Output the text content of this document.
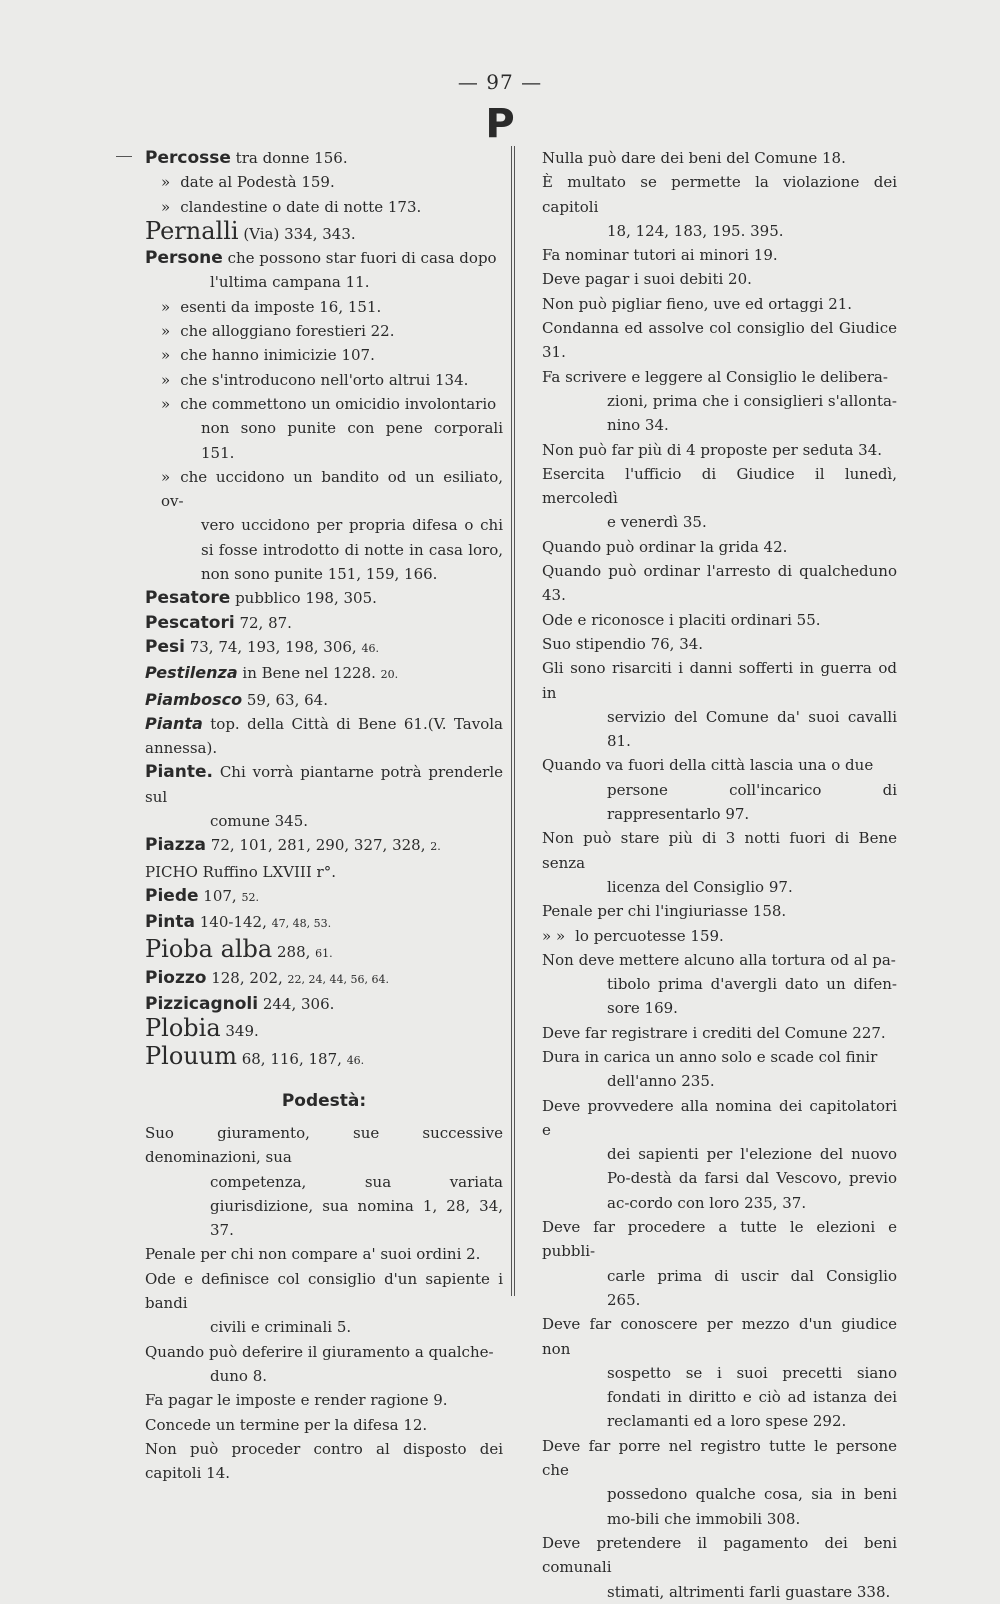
— 97 —
P
Percosse tra donne 156.
» date al Podestà 159.
» clandestine o date di notte 173.
Pernalli (Via) 334, 343.
Persone che possono star fuori di casa dopo
l'ultima campana 11.
» esenti da imposte 16, 151.
» che alloggiano forestieri 22.
» che hanno inimicizie 107.
» che s'introducono nell'orto altrui 134.
» che commettono un omicidio involontario
non sono punite con pene corporali 151.
» che uccidono un bandito od un esiliato, ov-
vero uccidono per propria difesa o chi si fosse introdotto di notte in casa loro, non sono punite 151, 159, 166.
Pesatore pubblico 198, 305.
Pescatori 72, 87.
Pesi 73, 74, 193, 198, 306, 46.
Pestilenza in Bene nel 1228. 20.
Piambosco 59, 63, 64.
Pianta top. della Città di Bene 61.(V. Tavola annessa).
Piante. Chi vorrà piantarne potrà prenderle sul
comune 345.
Piazza 72, 101, 281, 290, 327, 328, 2.
PICHO Ruffino LXVIII r°.
Piede 107, 52.
Pinta 140-142, 47, 48, 53.
Pioba alba 288, 61.
Piozzo 128, 202, 22, 24, 44, 56, 64.
Pizzicagnoli 244, 306.
Plobia 349.
Plouum 68, 116, 187, 46.
Podestà:
Suo giuramento, sue successive denominazioni, sua
competenza, sua variata giurisdizione, sua nomina 1, 28, 34, 37.
Penale per chi non compare a' suoi ordini 2.
Ode e definisce col consiglio d'un sapiente i bandi
civili e criminali 5.
Quando può deferire il giuramento a qualche-
duno 8.
Fa pagar le imposte e render ragione 9.
Concede un termine per la difesa 12.
Non può proceder contro al disposto dei capitoli 14.
Nulla può dare dei beni del Comune 18.
È multato se permette la violazione dei capitoli
18, 124, 183, 195. 395.
Fa nominar tutori ai minori 19.
Deve pagar i suoi debiti 20.
Non può pigliar fieno, uve ed ortaggi 21.
Condanna ed assolve col consiglio del Giudice 31.
Fa scrivere e leggere al Consiglio le delibera-
zioni, prima che i consiglieri s'allonta-nino 34.
Non può far più di 4 proposte per seduta 34.
Esercita l'ufficio di Giudice il lunedì, mercoledì
e venerdì 35.
Quando può ordinar la grida 42.
Quando può ordinar l'arresto di qualcheduno 43.
Ode e riconosce i placiti ordinari 55.
Suo stipendio 76, 34.
Gli sono risarciti i danni sofferti in guerra od in
servizio del Comune da' suoi cavalli 81.
Quando va fuori della città lascia una o due
persone coll'incarico di rappresentarlo 97.
Non può stare più di 3 notti fuori di Bene senza
licenza del Consiglio 97.
Penale per chi l'ingiuriasse 158.
» » lo percuotesse 159.
Non deve mettere alcuno alla tortura od al pa-
tibolo prima d'avergli dato un difen-sore 169.
Deve far registrare i crediti del Comune 227.
Dura in carica un anno solo e scade col finir
dell'anno 235.
Deve provvedere alla nomina dei capitolatori e
dei sapienti per l'elezione del nuovo Po-destà da farsi dal Vescovo, previo ac-cordo con loro 235, 37.
Deve far procedere a tutte le elezioni e pubbli-
carle prima di uscir dal Consiglio 265.
Deve far conoscere per mezzo d'un giudice non
sospetto se i suoi precetti siano fondati in diritto e ciò ad istanza dei reclamanti ed a loro spese 292.
Deve far porre nel registro tutte le persone che
possedono qualche cosa, sia in beni mo-bili che immobili 308.
Deve pretendere il pagamento dei beni comunali
stimati, altrimenti farli guastare 338.
